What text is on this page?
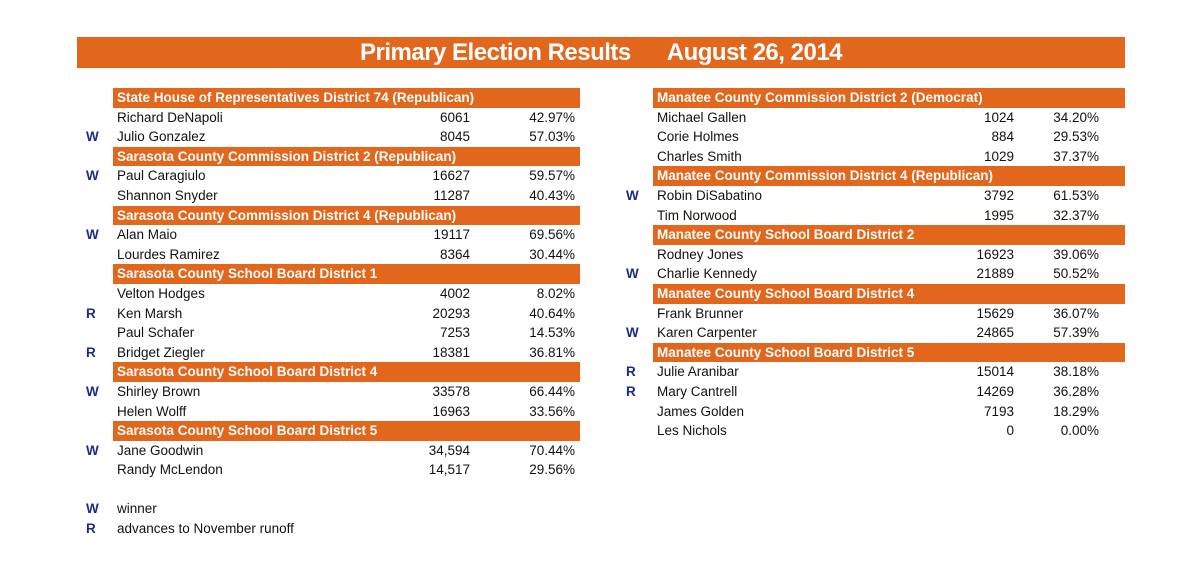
Primary Election Results August 26, 2014
State House of Representatives District 74 (Republican)
Richard DeNapoli	6061	42.97%
W	Julio Gonzalez	8045	57.03%
Sarasota County Commission District 2 (Republican)
W	Paul Caragiulo	16627	59.57%
Shannon Snyder	11287	40.43%
Sarasota County Commission District 4 (Republican)
W	Alan Maio	19117	69.56%
Lourdes Ramirez	8364	30.44%
Sarasota County School Board District 1
Velton Hodges	4002	8.02%
R	Ken Marsh	20293	40.64%
Paul Schafer	7253	14.53%
R	Bridget Ziegler	18381	36.81%
Sarasota County School Board District 4
W	Shirley Brown	33578	66.44%
Helen Wolff	16963	33.56%
Sarasota County School Board District 5
W	Jane Goodwin	34,594	70.44%
Randy McLendon	14,517	29.56%
Manatee County Commission District 2 (Democrat)
Michael Gallen	1024	34.20%
Corie Holmes	884	29.53%
Charles Smith	1029	37.37%
Manatee County Commission District 4 (Republican)
W	Robin DiSabatino	3792	61.53%
Tim Norwood	1995	32.37%
Manatee County School Board District 2
Rodney Jones	16923	39.06%
W	Charlie Kennedy	21889	50.52%
Manatee County School Board District 4
Frank Brunner	15629	36.07%
W	Karen Carpenter	24865	57.39%
Manatee County School Board District 5
R	Julie Aranibar	15014	38.18%
R	Mary Cantrell	14269	36.28%
James Golden	7193	18.29%
Les Nichols	0	0.00%
W	winner
R	advances to November runoff
